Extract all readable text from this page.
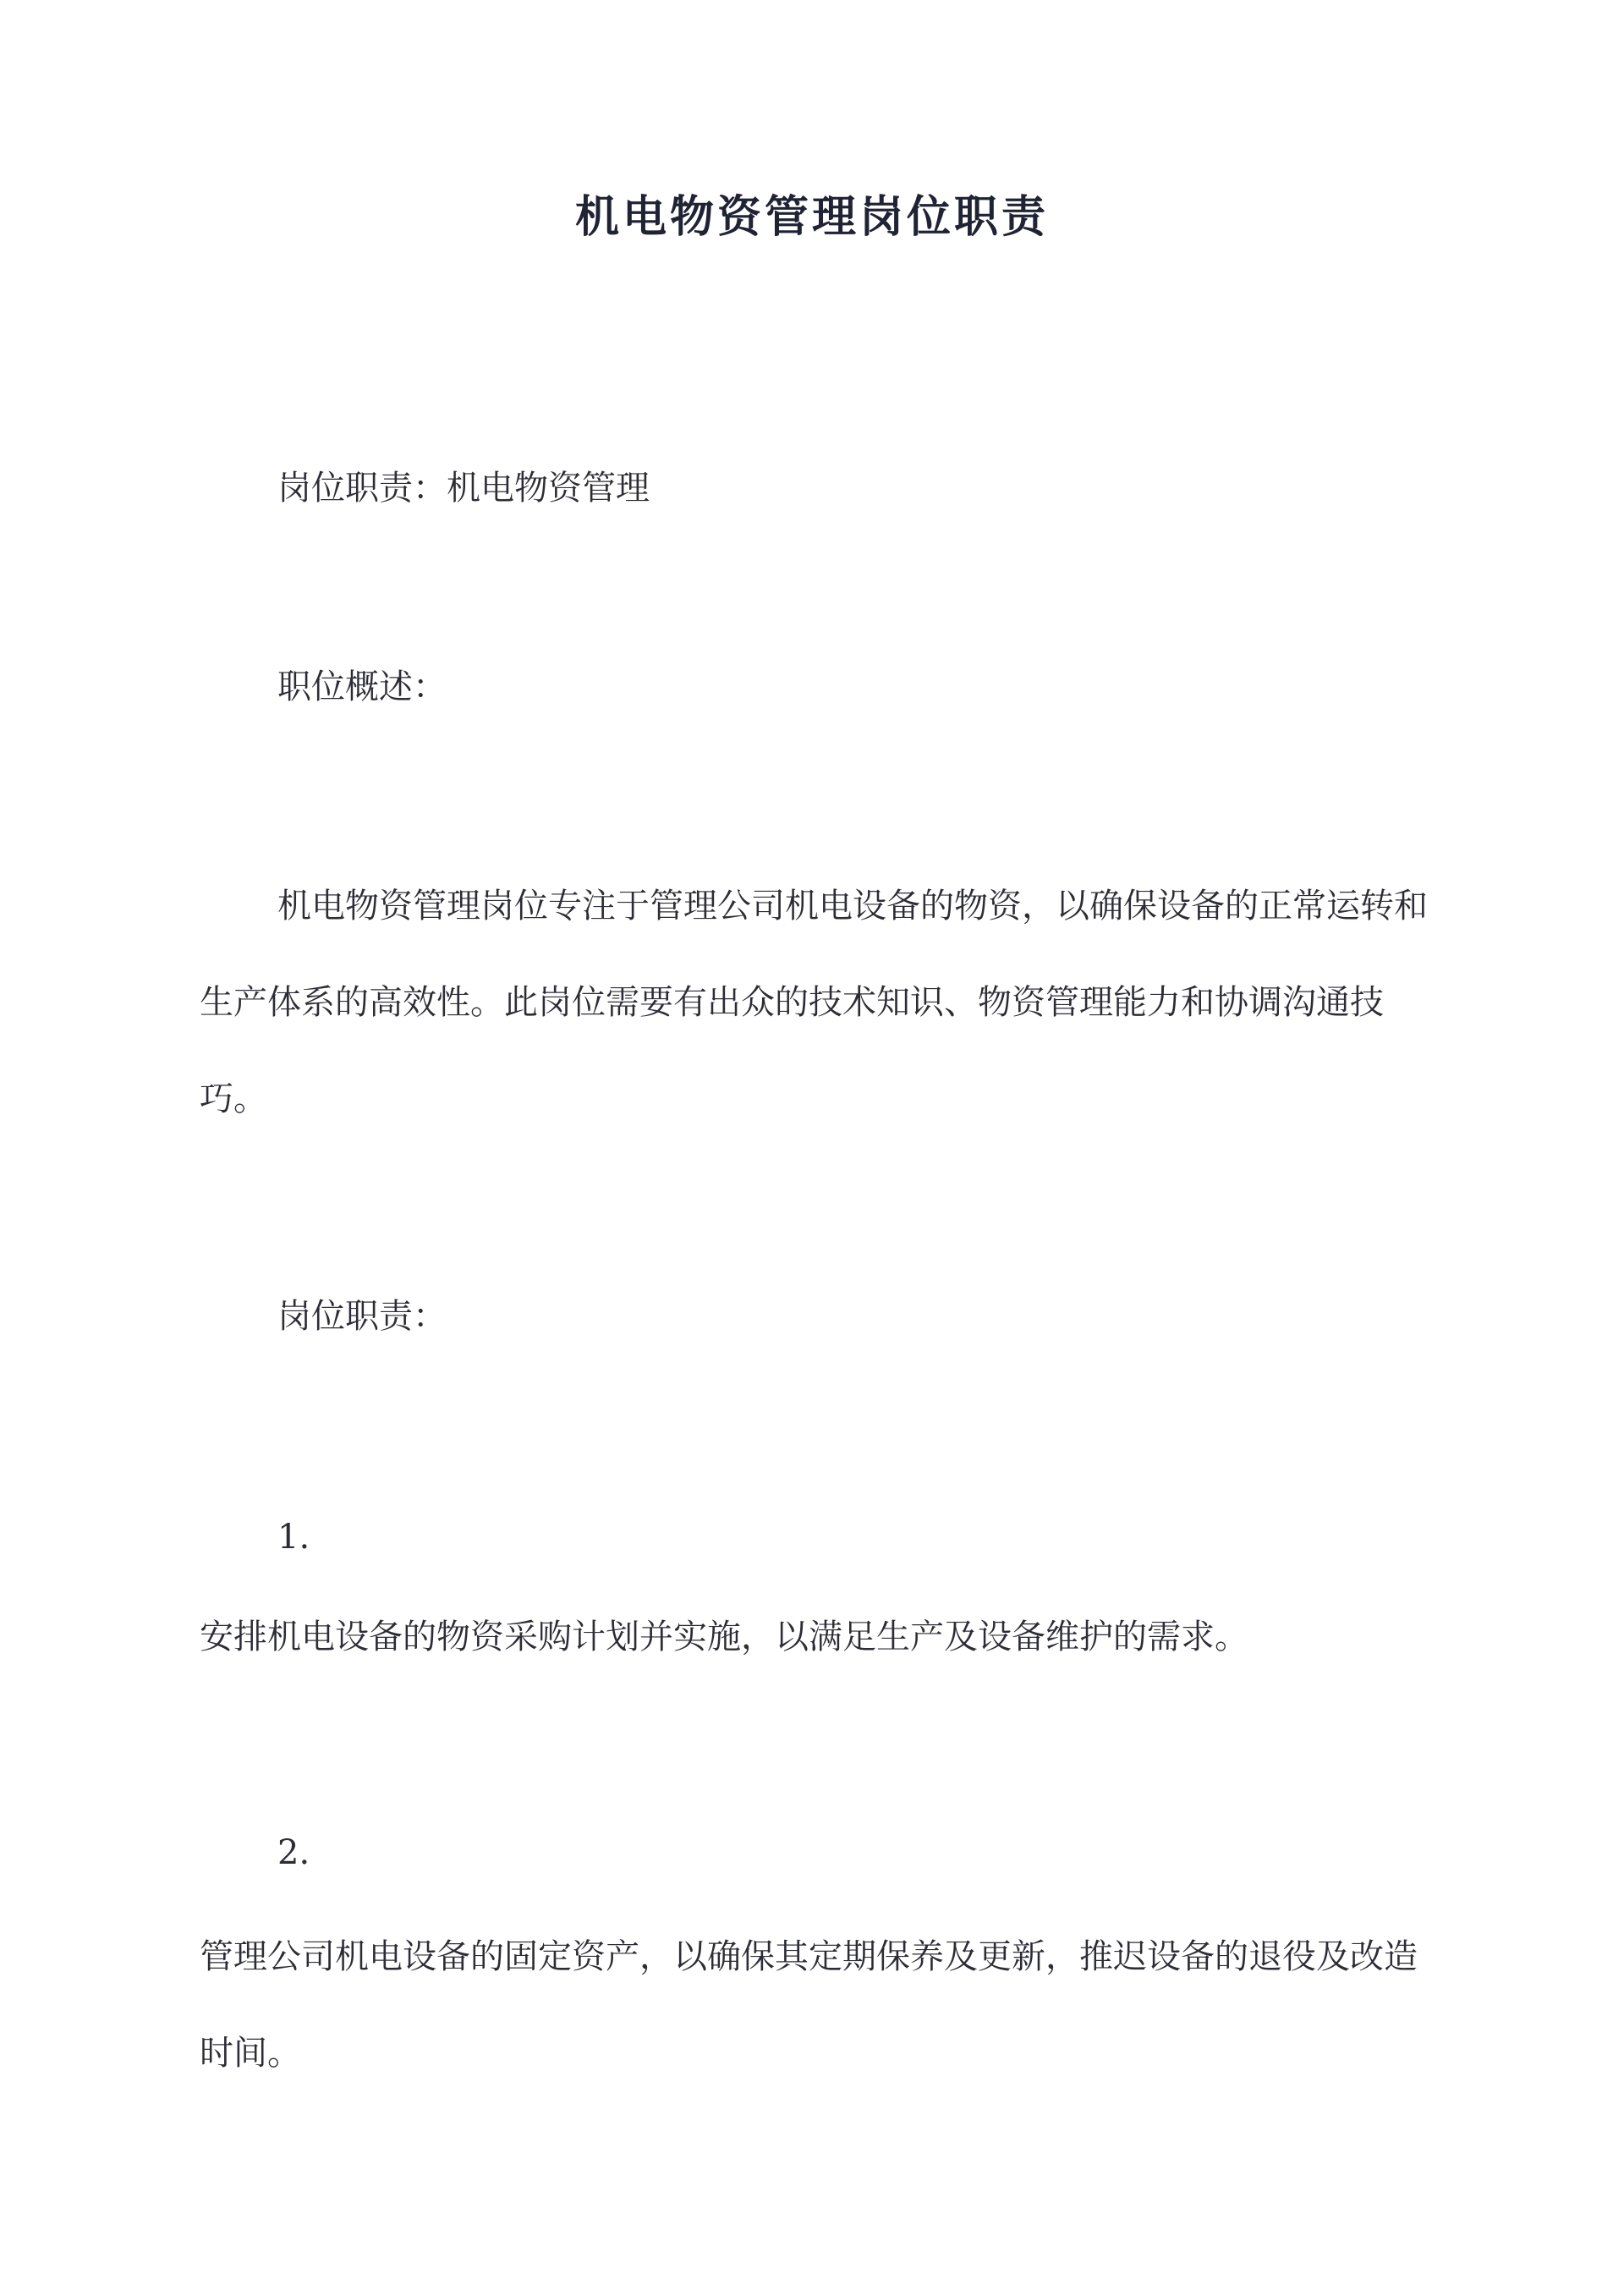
机电物资管理岗位职责

岗位职责：机电物资管理

职位概述：

机电物资管理岗位专注于管理公司机电设备的物资，以确保设备的正常运转和生产体系的高效性。此岗位需要有出众的技术知识、物资管理能力和协调沟通技巧。

岗位职责：

1.

安排机电设备的物资采购计划并实施，以满足生产及设备维护的需求。

2.

管理公司机电设备的固定资产，以确保其定期保养及更新，推迟设备的退役及改造时间。
